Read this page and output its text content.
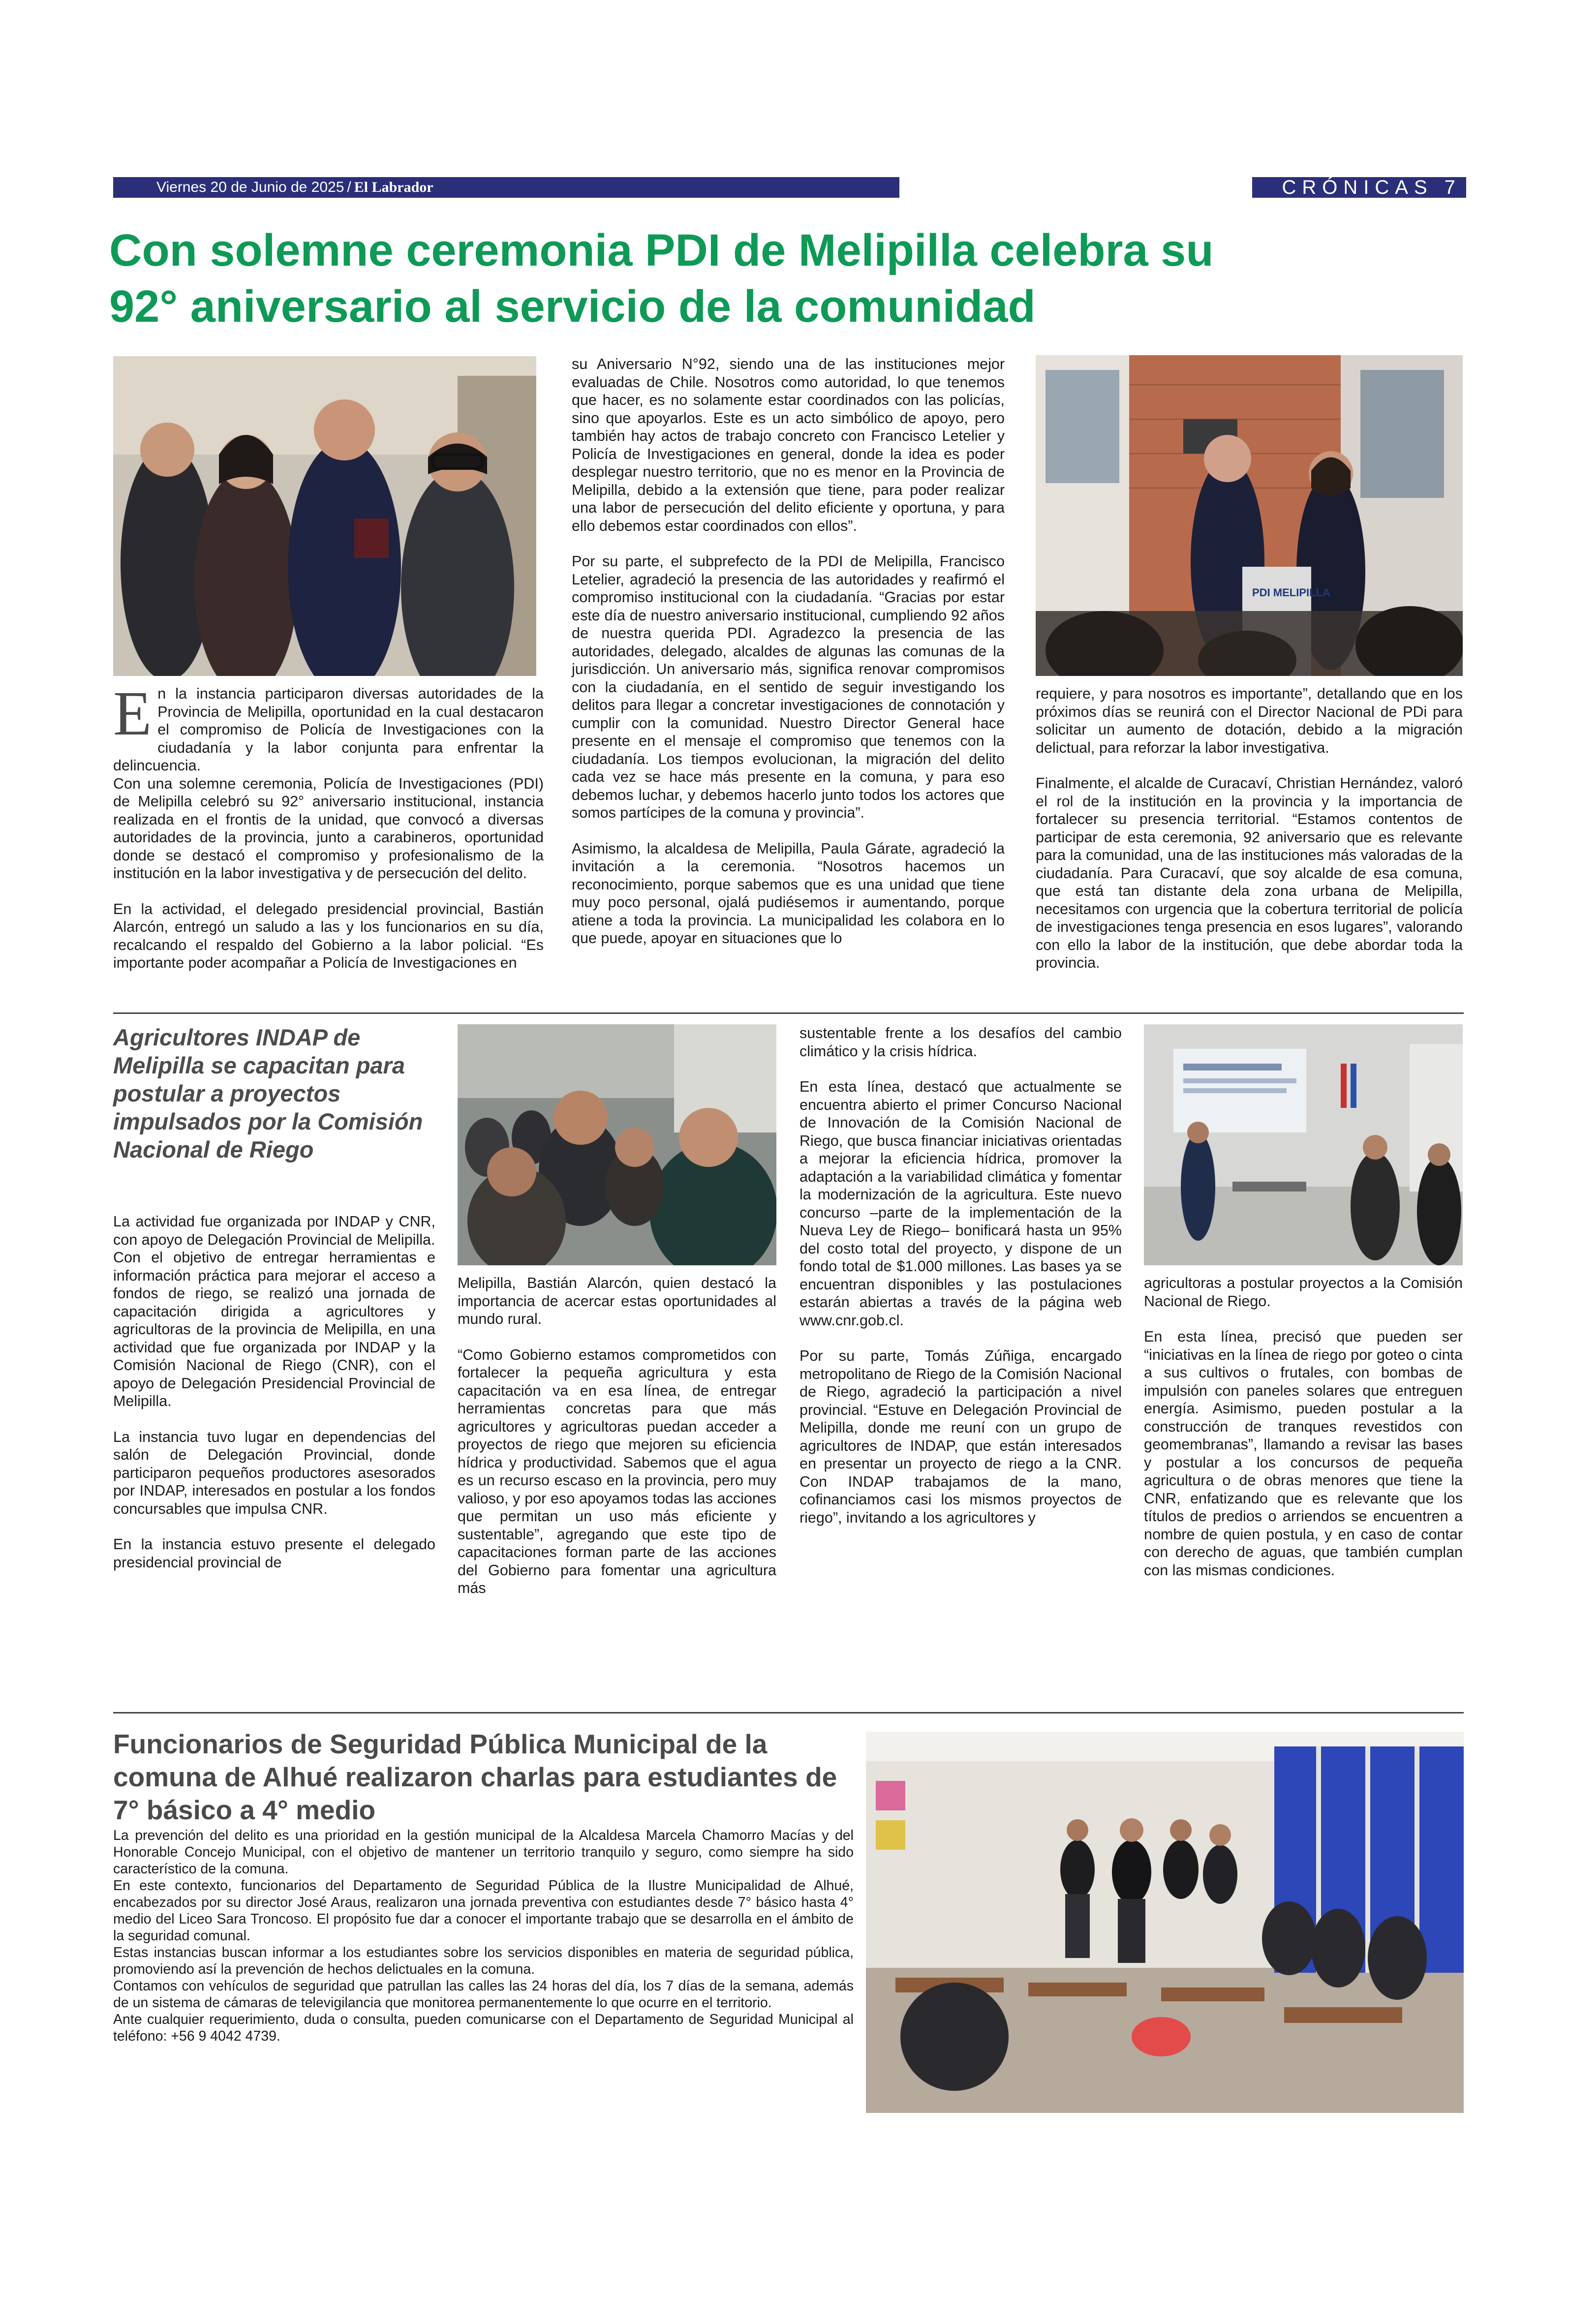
Viernes 20 de Junio de 2025 / El Labrador	CRÓNICAS 7
Con solemne ceremonia PDI de Melipilla celebra su 92° aniversario al servicio de la comunidad

En la instancia participaron diversas autoridades de la Provincia de Melipilla, oportunidad en la cual destacaron el compromiso de Policía de Investigaciones con la ciudadanía y la labor conjunta para enfrentar la delincuencia.

Con una solemne ceremonia, Policía de Investigaciones (PDI) de Melipilla celebró su 92° aniversario institucional, instancia realizada en el frontis de la unidad, que convocó a diversas autoridades de la provincia, junto a carabineros, oportunidad donde se destacó el compromiso y profesionalismo de la institución en la labor investigativa y de persecución del delito.

En la actividad, el delegado presidencial provincial, Bastián Alarcón, entregó un saludo a las y los funcionarios en su día, recalcando el respaldo del Gobierno a la labor policial. “Es importante poder acompañar a Policía de Investigaciones en

su Aniversario N°92, siendo una de las instituciones mejor evaluadas de Chile. Nosotros como autoridad, lo que tenemos que hacer, es no solamente estar coordinados con las policías, sino que apoyarlos. Este es un acto simbólico de apoyo, pero también hay actos de trabajo concreto con Francisco Letelier y Policía de Investigaciones en general, donde la idea es poder desplegar nuestro territorio, que no es menor en la Provincia de Melipilla, debido a la extensión que tiene, para poder realizar una labor de persecución del delito eficiente y oportuna, y para ello debemos estar coordinados con ellos”.

Por su parte, el subprefecto de la PDI de Melipilla, Francisco Letelier, agradeció la presencia de las autoridades y reafirmó el compromiso institucional con la ciudadanía. “Gracias por estar este día de nuestro aniversario institucional, cumpliendo 92 años de nuestra querida PDI. Agradezco la presencia de las autoridades, delegado, alcaldes de algunas las comunas de la jurisdicción. Un aniversario más, significa renovar compromisos con la ciudadanía, en el sentido de seguir investigando los delitos para llegar a concretar investigaciones de connotación y cumplir con la comunidad. Nuestro Director General hace presente en el mensaje el compromiso que tenemos con la ciudadanía. Los tiempos evolucionan, la migración del delito cada vez se hace más presente en la comuna, y para eso debemos luchar, y debemos hacerlo junto todos los actores que somos partícipes de la comuna y provincia”.

Asimismo, la alcaldesa de Melipilla, Paula Gárate, agradeció la invitación a la ceremonia. “Nosotros hacemos un reconocimiento, porque sabemos que es una unidad que tiene muy poco personal, ojalá pudiésemos ir aumentando, porque atiene a toda la provincia. La municipalidad les colabora en lo que puede, apoyar en situaciones que lo

PDI MELIPILLA

requiere, y para nosotros es importante”, detallando que en los próximos días se reunirá con el Director Nacional de PDi para solicitar un aumento de dotación, debido a la migración delictual, para reforzar la labor investigativa.

Finalmente, el alcalde de Curacaví, Christian Hernández, valoró el rol de la institución en la provincia y la importancia de fortalecer su presencia territorial. “Estamos contentos de participar de esta ceremonia, 92 aniversario que es relevante para la comunidad, una de las instituciones más valoradas de la ciudadanía. Para Curacaví, que soy alcalde de esa comuna, que está tan distante dela zona urbana de Melipilla, necesitamos con urgencia que la cobertura territorial de policía de investigaciones tenga presencia en esos lugares”, valorando con ello la labor de la institución, que debe abordar toda la provincia.

Agricultores INDAP de Melipilla se capacitan para postular a proyectos impulsados por la Comisión Nacional de Riego

La actividad fue organizada por INDAP y CNR, con apoyo de Delegación Provincial de Melipilla.

Con el objetivo de entregar herramientas e información práctica para mejorar el acceso a fondos de riego, se realizó una jornada de capacitación dirigida a agricultores y agricultoras de la provincia de Melipilla, en una actividad que fue organizada por INDAP y la Comisión Nacional de Riego (CNR), con el apoyo de Delegación Presidencial Provincial de Melipilla.

La instancia tuvo lugar en dependencias del salón de Delegación Provincial, donde participaron pequeños productores asesorados por INDAP, interesados en postular a los fondos concursables que impulsa CNR.

En la instancia estuvo presente el delegado presidencial provincial de

Melipilla, Bastián Alarcón, quien destacó la importancia de acercar estas oportunidades al mundo rural.

“Como Gobierno estamos comprometidos con fortalecer la pequeña agricultura y esta capacitación va en esa línea, de entregar herramientas concretas para que más agricultores y agricultoras puedan acceder a proyectos de riego que mejoren su eficiencia hídrica y productividad. Sabemos que el agua es un recurso escaso en la provincia, pero muy valioso, y por eso apoyamos todas las acciones que permitan un uso más eficiente y sustentable”, agregando que este tipo de capacitaciones forman parte de las acciones del Gobierno para fomentar una agricultura más

sustentable frente a los desafíos del cambio climático y la crisis hídrica.

En esta línea, destacó que actualmente se encuentra abierto el primer Concurso Nacional de Innovación de la Comisión Nacional de Riego, que busca financiar iniciativas orientadas a mejorar la eficiencia hídrica, promover la adaptación a la variabilidad climática y fomentar la modernización de la agricultura. Este nuevo concurso –parte de la implementación de la Nueva Ley de Riego– bonificará hasta un 95% del costo total del proyecto, y dispone de un fondo total de $1.000 millones. Las bases ya se encuentran disponibles y las postulaciones estarán abiertas a través de la página web www.cnr.gob.cl.

Por su parte, Tomás Zúñiga, encargado metropolitano de Riego de la Comisión Nacional de Riego, agradeció la participación a nivel provincial. “Estuve en Delegación Provincial de Melipilla, donde me reuní con un grupo de agricultores de INDAP, que están interesados en presentar un proyecto de riego a la CNR. Con INDAP trabajamos de la mano, cofinanciamos casi los mismos proyectos de riego”, invitando a los agricultores y

agricultoras a postular proyectos a la Comisión Nacional de Riego.

En esta línea, precisó que pueden ser “iniciativas en la línea de riego por goteo o cinta a sus cultivos o frutales, con bombas de impulsión con paneles solares que entreguen energía. Asimismo, pueden postular a la construcción de tranques revestidos con geomembranas”, llamando a revisar las bases y postular a los concursos de pequeña agricultura o de obras menores que tiene la CNR, enfatizando que es relevante que los títulos de predios o arriendos se encuentren a nombre de quien postula, y en caso de contar con derecho de aguas, que también cumplan con las mismas condiciones.

Funcionarios de Seguridad Pública Municipal de la comuna de Alhué realizaron charlas para estudiantes de 7° básico a 4° medio

La prevención del delito es una prioridad en la gestión municipal de la Alcaldesa Marcela Chamorro Macías y del Honorable Concejo Municipal, con el objetivo de mantener un territorio tranquilo y seguro, como siempre ha sido característico de la comuna.

En este contexto, funcionarios del Departamento de Seguridad Pública de la Ilustre Municipalidad de Alhué, encabezados por su director José Araus, realizaron una jornada preventiva con estudiantes desde 7° básico hasta 4° medio del Liceo Sara Troncoso. El propósito fue dar a conocer el importante trabajo que se desarrolla en el ámbito de la seguridad comunal.

Estas instancias buscan informar a los estudiantes sobre los servicios disponibles en materia de seguridad pública, promoviendo así la prevención de hechos delictuales en la comuna.

Contamos con vehículos de seguridad que patrullan las calles las 24 horas del día, los 7 días de la semana, además de un sistema de cámaras de televigilancia que monitorea permanentemente lo que ocurre en el territorio.

Ante cualquier requerimiento, duda o consulta, pueden comunicarse con el Departamento de Seguridad Municipal al teléfono: +56 9 4042 4739.
